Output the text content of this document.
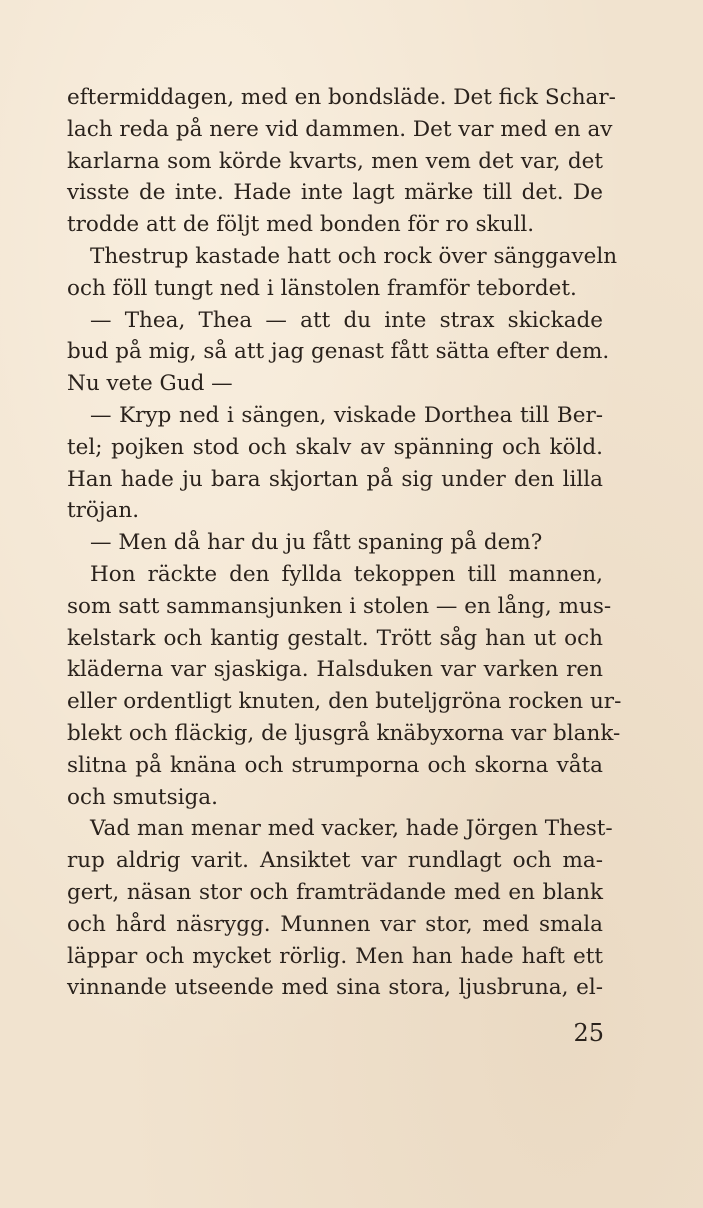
eftermiddagen, med en bondsläde. Det fick Schar-
lach reda på nere vid dammen. Det var med en av
karlarna som körde kvarts, men vem det var, det
visste de inte. Hade inte lagt märke till det. De
trodde att de följt med bonden för ro skull.
Thestrup kastade hatt och rock över sänggaveln
och föll tungt ned i länstolen framför tebordet.
— Thea, Thea — att du inte strax skickade
bud på mig, så att jag genast fått sätta efter dem.
Nu vete Gud —
— Kryp ned i sängen, viskade Dorthea till Ber-
tel; pojken stod och skalv av spänning och köld.
Han hade ju bara skjortan på sig under den lilla
tröjan.
— Men då har du ju fått spaning på dem?
Hon räckte den fyllda tekoppen till mannen,
som satt sammansjunken i stolen — en lång, mus-
kelstark och kantig gestalt. Trött såg han ut och
kläderna var sjaskiga. Halsduken var varken ren
eller ordentligt knuten, den buteljgröna rocken ur-
blekt och fläckig, de ljusgrå knäbyxorna var blank-
slitna på knäna och strumporna och skorna våta
och smutsiga.
Vad man menar med vacker, hade Jörgen Thest-
rup aldrig varit. Ansiktet var rundlagt och ma-
gert, näsan stor och framträdande med en blank
och hård näsrygg. Munnen var stor, med smala
läppar och mycket rörlig. Men han hade haft ett
vinnande utseende med sina stora, ljusbruna, el-
25
